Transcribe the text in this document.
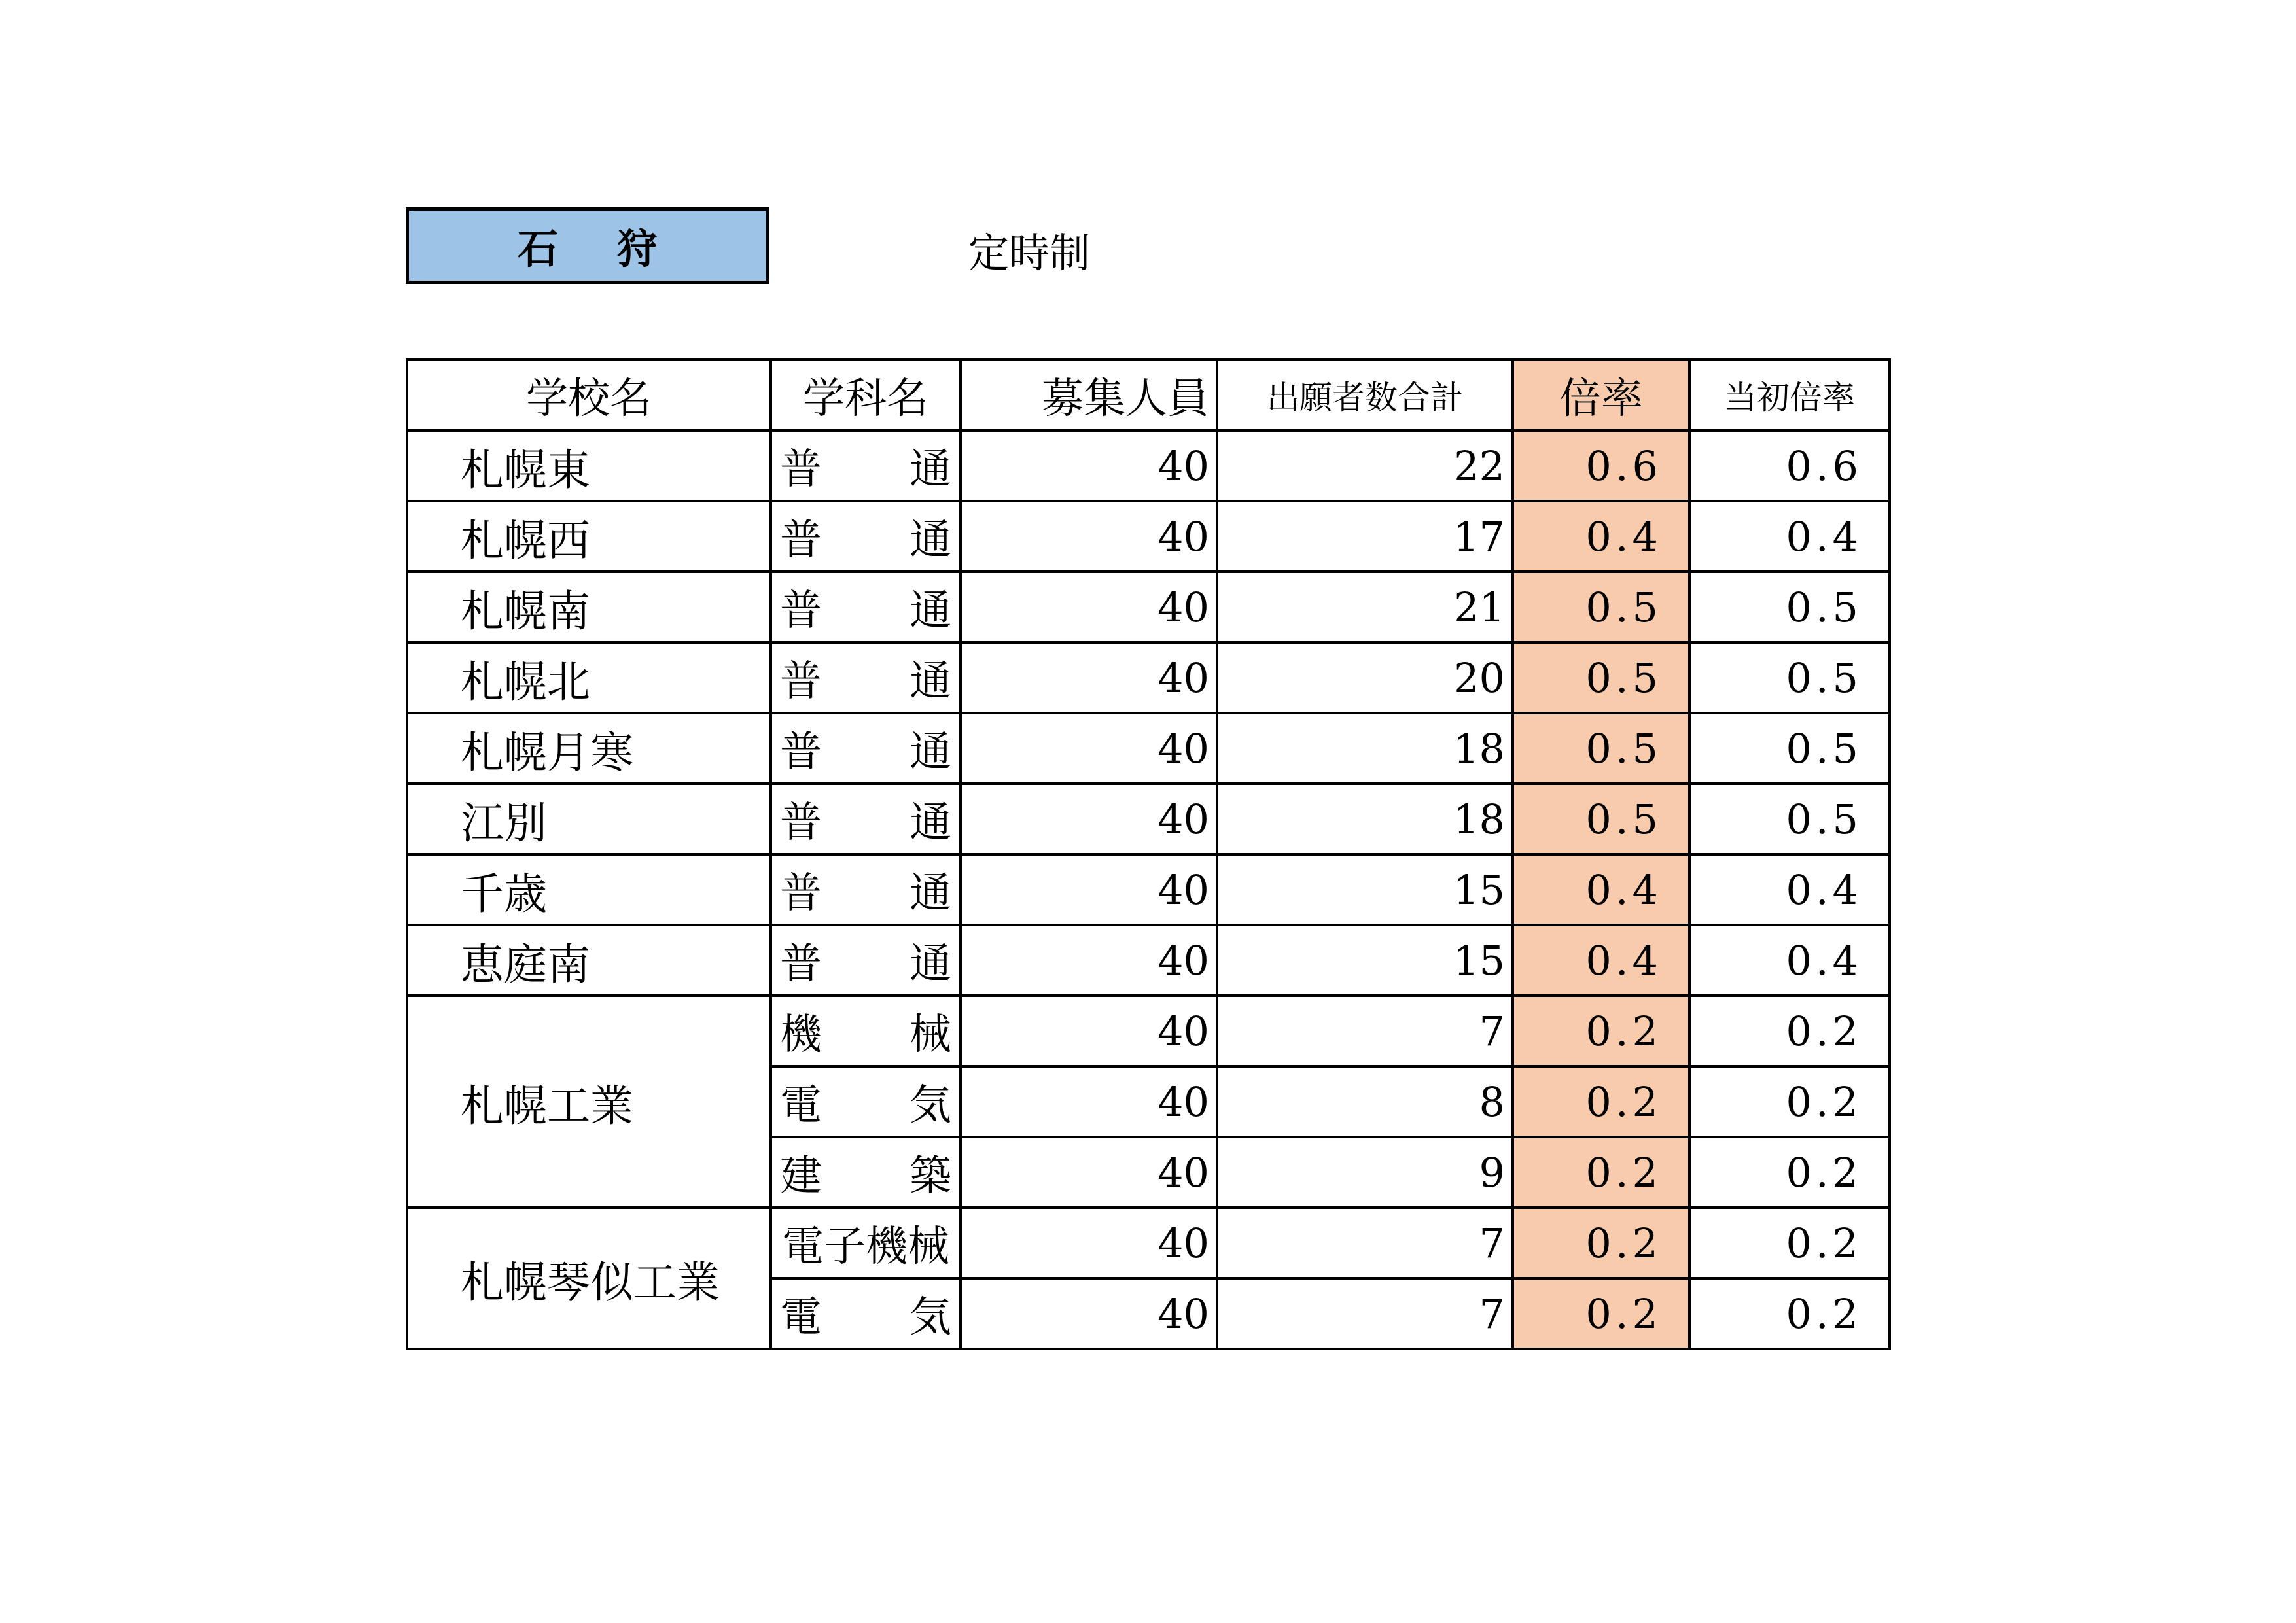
石 狩	定時制
学校名	学科名	募集人員	出願者数合計	倍率	当初倍率
札幌東	普 通	40	22	0.6	0.6
札幌西	普 通	40	17	0.4	0.4
札幌南	普 通	40	21	0.5	0.5
札幌北	普 通	40	20	0.5	0.5
札幌月寒	普 通	40	18	0.5	0.5
江別	普 通	40	18	0.5	0.5
千歳	普 通	40	15	0.4	0.4
恵庭南	普 通	40	15	0.4	0.4
札幌工業	機 械	40	7	0.2	0.2

	電 気	40	8	0.2	0.2

	建 築	40	9	0.2	0.2
札幌琴似工業	電子機械	40	7	0.2	0.2

	電 気	40	7	0.2	0.2
